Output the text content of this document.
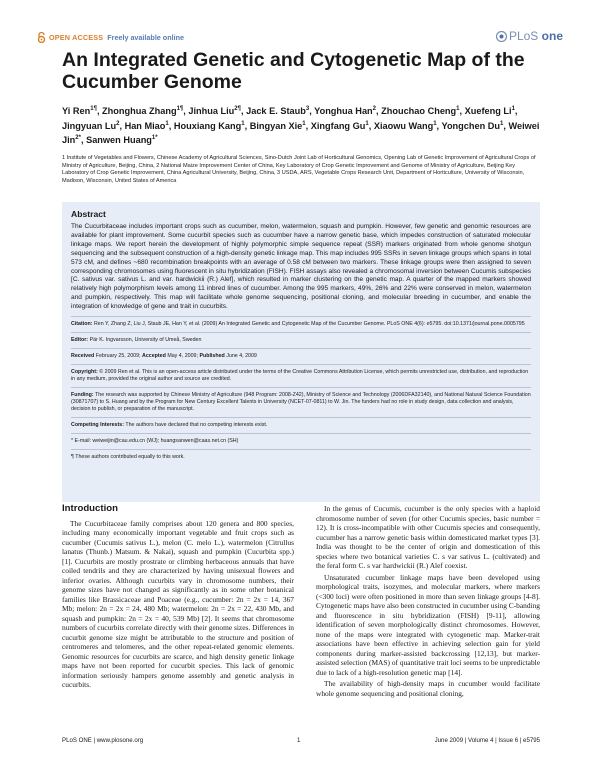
OPEN ACCESS Freely available online	PLoS one
An Integrated Genetic and Cytogenetic Map of the Cucumber Genome
Yi Ren$^{1\P}$, Zhonghua Zhang$^{1\P}$, Jinhua Liu$^{2\P}$, Jack E. Staub$^3$, Yonghua Han$^2$, Zhouchao Cheng$^1$, Xuefeng Li$^1$, Jingyuan Lu$^2$, Han Miao$^1$, Houxiang Kang$^1$, Bingyan Xie$^1$, Xingfang Gu$^1$, Xiaowu Wang$^1$, Yongchen Du$^1$, Weiwei Jin$^{2*}$, Sanwen Huang$^{1*}$
1 Institute of Vegetables and Flowers, Chinese Academy of Agricultural Sciences, Sino-Dutch Joint Lab of Horticultural Genomics, Opening Lab of Genetic Improvement of Agricultural Crops of Ministry of Agriculture, Beijing, China, 2 National Maize Improvement Center of China, Key Laboratory of Crop Genetic Improvement and Genome of Ministry of Agriculture, Beijing Key Laboratory of Crop Genetic Improvement, China Agricultural University, Beijing, China, 3 USDA, ARS, Vegetable Crops Research Unit, Department of Horticulture, University of Wisconsin, Madison, Wisconsin, United States of America
Abstract
The Cucurbitaceae includes important crops such as cucumber, melon, watermelon, squash and pumpkin. However, few genetic and genomic resources are available for plant improvement. Some cucurbit species such as cucumber have a narrow genetic base, which impedes construction of saturated molecular linkage maps. We report herein the development of highly polymorphic simple sequence repeat (SSR) markers originated from whole genome shotgun sequencing and the subsequent construction of a high-density genetic linkage map. This map includes 995 SSRs in seven linkage groups which spans in total 573 cM, and defines ~680 recombination breakpoints with an average of 0.58 cM between two markers. These linkage groups were then assigned to seven corresponding chromosomes using fluorescent in situ hybridization (FISH). FISH assays also revealed a chromosomal inversion between Cucumis subspecies [C. sativus var. sativus L. and var. hardwickii (R.) Alef], which resulted in marker clustering on the genetic map. A quarter of the mapped markers showed relatively high polymorphism levels among 11 inbred lines of cucumber. Among the 995 markers, 49%, 26% and 22% were conserved in melon, watermelon and pumpkin, respectively. This map will facilitate whole genome sequencing, positional cloning, and molecular breeding in cucumber, and enable the integration of knowledge of gene and trait in cucurbits.
Citation: Ren Y, Zhang Z, Liu J, Staub JE, Han Y, et al. (2009) An Integrated Genetic and Cytogenetic Map of the Cucumber Genome. PLoS ONE 4(6): e5795. doi:10.1371/journal.pone.0005795
Editor: Pär K. Ingvarsson, University of Umeå, Sweden
Received February 25, 2009; Accepted May 4, 2009; Published June 4, 2009
Copyright: © 2009 Ren et al. This is an open-access article distributed under the terms of the Creative Commons Attribution License, which permits unrestricted use, distribution, and reproduction in any medium, provided the original author and source are credited.
Funding: The research was supported by Chinese Ministry of Agriculture (948 Program: 2008-Z42), Ministry of Science and Technology (2006DFA32140), and National Natural Science Foundation (30871707) to S. Huang and by the Program for New Century Excellent Talents in University (NCET-07-0811) to W. Jin. The funders had no role in study design, data collection and analysis, decision to publish, or preparation of the manuscript.
Competing Interests: The authors have declared that no competing interests exist.
* E-mail: weiweijin@cau.edu.cn (WJ); huangsanwen@caas.net.cn (SH)
¶ These authors contributed equally to this work.
Introduction

The Cucurbitaceae family comprises about 120 genera and 800 species, including many economically important vegetable and fruit crops such as cucumber (Cucumis sativus L.), melon (C. melo L.), watermelon (Citrullus lanatus (Thunb.) Matsum. & Nakai), squash and pumpkin (Cucurbita spp.) [1]. Cucurbits are mostly prostrate or climbing herbaceous annuals that have coiled tendrils and they are characterized by having unisexual flowers and inferior ovaries. Although cucurbits vary in chromosome numbers, their genome sizes have not changed as significantly as in some other botanical families like Brassicaceae and Poaceae (e.g., cucumber: 2n = 2x = 14, 367 Mb; melon: 2n = 2x = 24, 480 Mb; watermelon: 2n = 2x = 22, 430 Mb, and squash and pumpkin: 2n = 2x = 40, 539 Mb) [2]. It seems that chromosome numbers of cucurbits correlate directly with their genome sizes. Differences in cucurbit genome size might be attributable to the structure and position of centromeres and telomeres, and the other repeat-related genomic elements. Genomic resources for cucurbits are scarce, and high density genetic linkage maps have not been reported for cucurbit species. This lack of genomic information seriously hampers genome assembly and genetic analysis in cucurbits.

In the genus of Cucumis, cucumber is the only species with a haploid chromosome number of seven (for other Cucumis species, basic number = 12). It is cross-incompatible with other Cucumis species and consequently, cucumber has a narrow genetic basis within domesticated market types [3]. India was thought to be the center of origin and domestication of this species where two botanical varieties C. s var sativus L. (cultivated) and the feral form C. s var hardwickii (R.) Alef coexist.

Unsaturated cucumber linkage maps have been developed using morphological traits, isozymes, and molecular markers, where markers (<300 loci) were often positioned in more than seven linkage groups [4-8]. Cytogenetic maps have also been constructed in cucumber using C-banding and fluorescence in situ hybridization (FISH) [9-11], allowing identification of seven morphologically distinct chromosomes. However, none of the maps were integrated with cytogenetic map. Marker-trait associations have been effective in achieving selection gain for yield components during marker-assisted backcrossing [12,13], but marker-assisted selection (MAS) of quantitative trait loci seems to be unpredictable due to lack of a high-resolution genetic map [14].

The availability of high-density maps in cucumber would facilitate whole genome sequencing and positional cloning,

PLoS ONE | www.plosone.org	1	June 2009 | Volume 4 | Issue 6 | e5795
